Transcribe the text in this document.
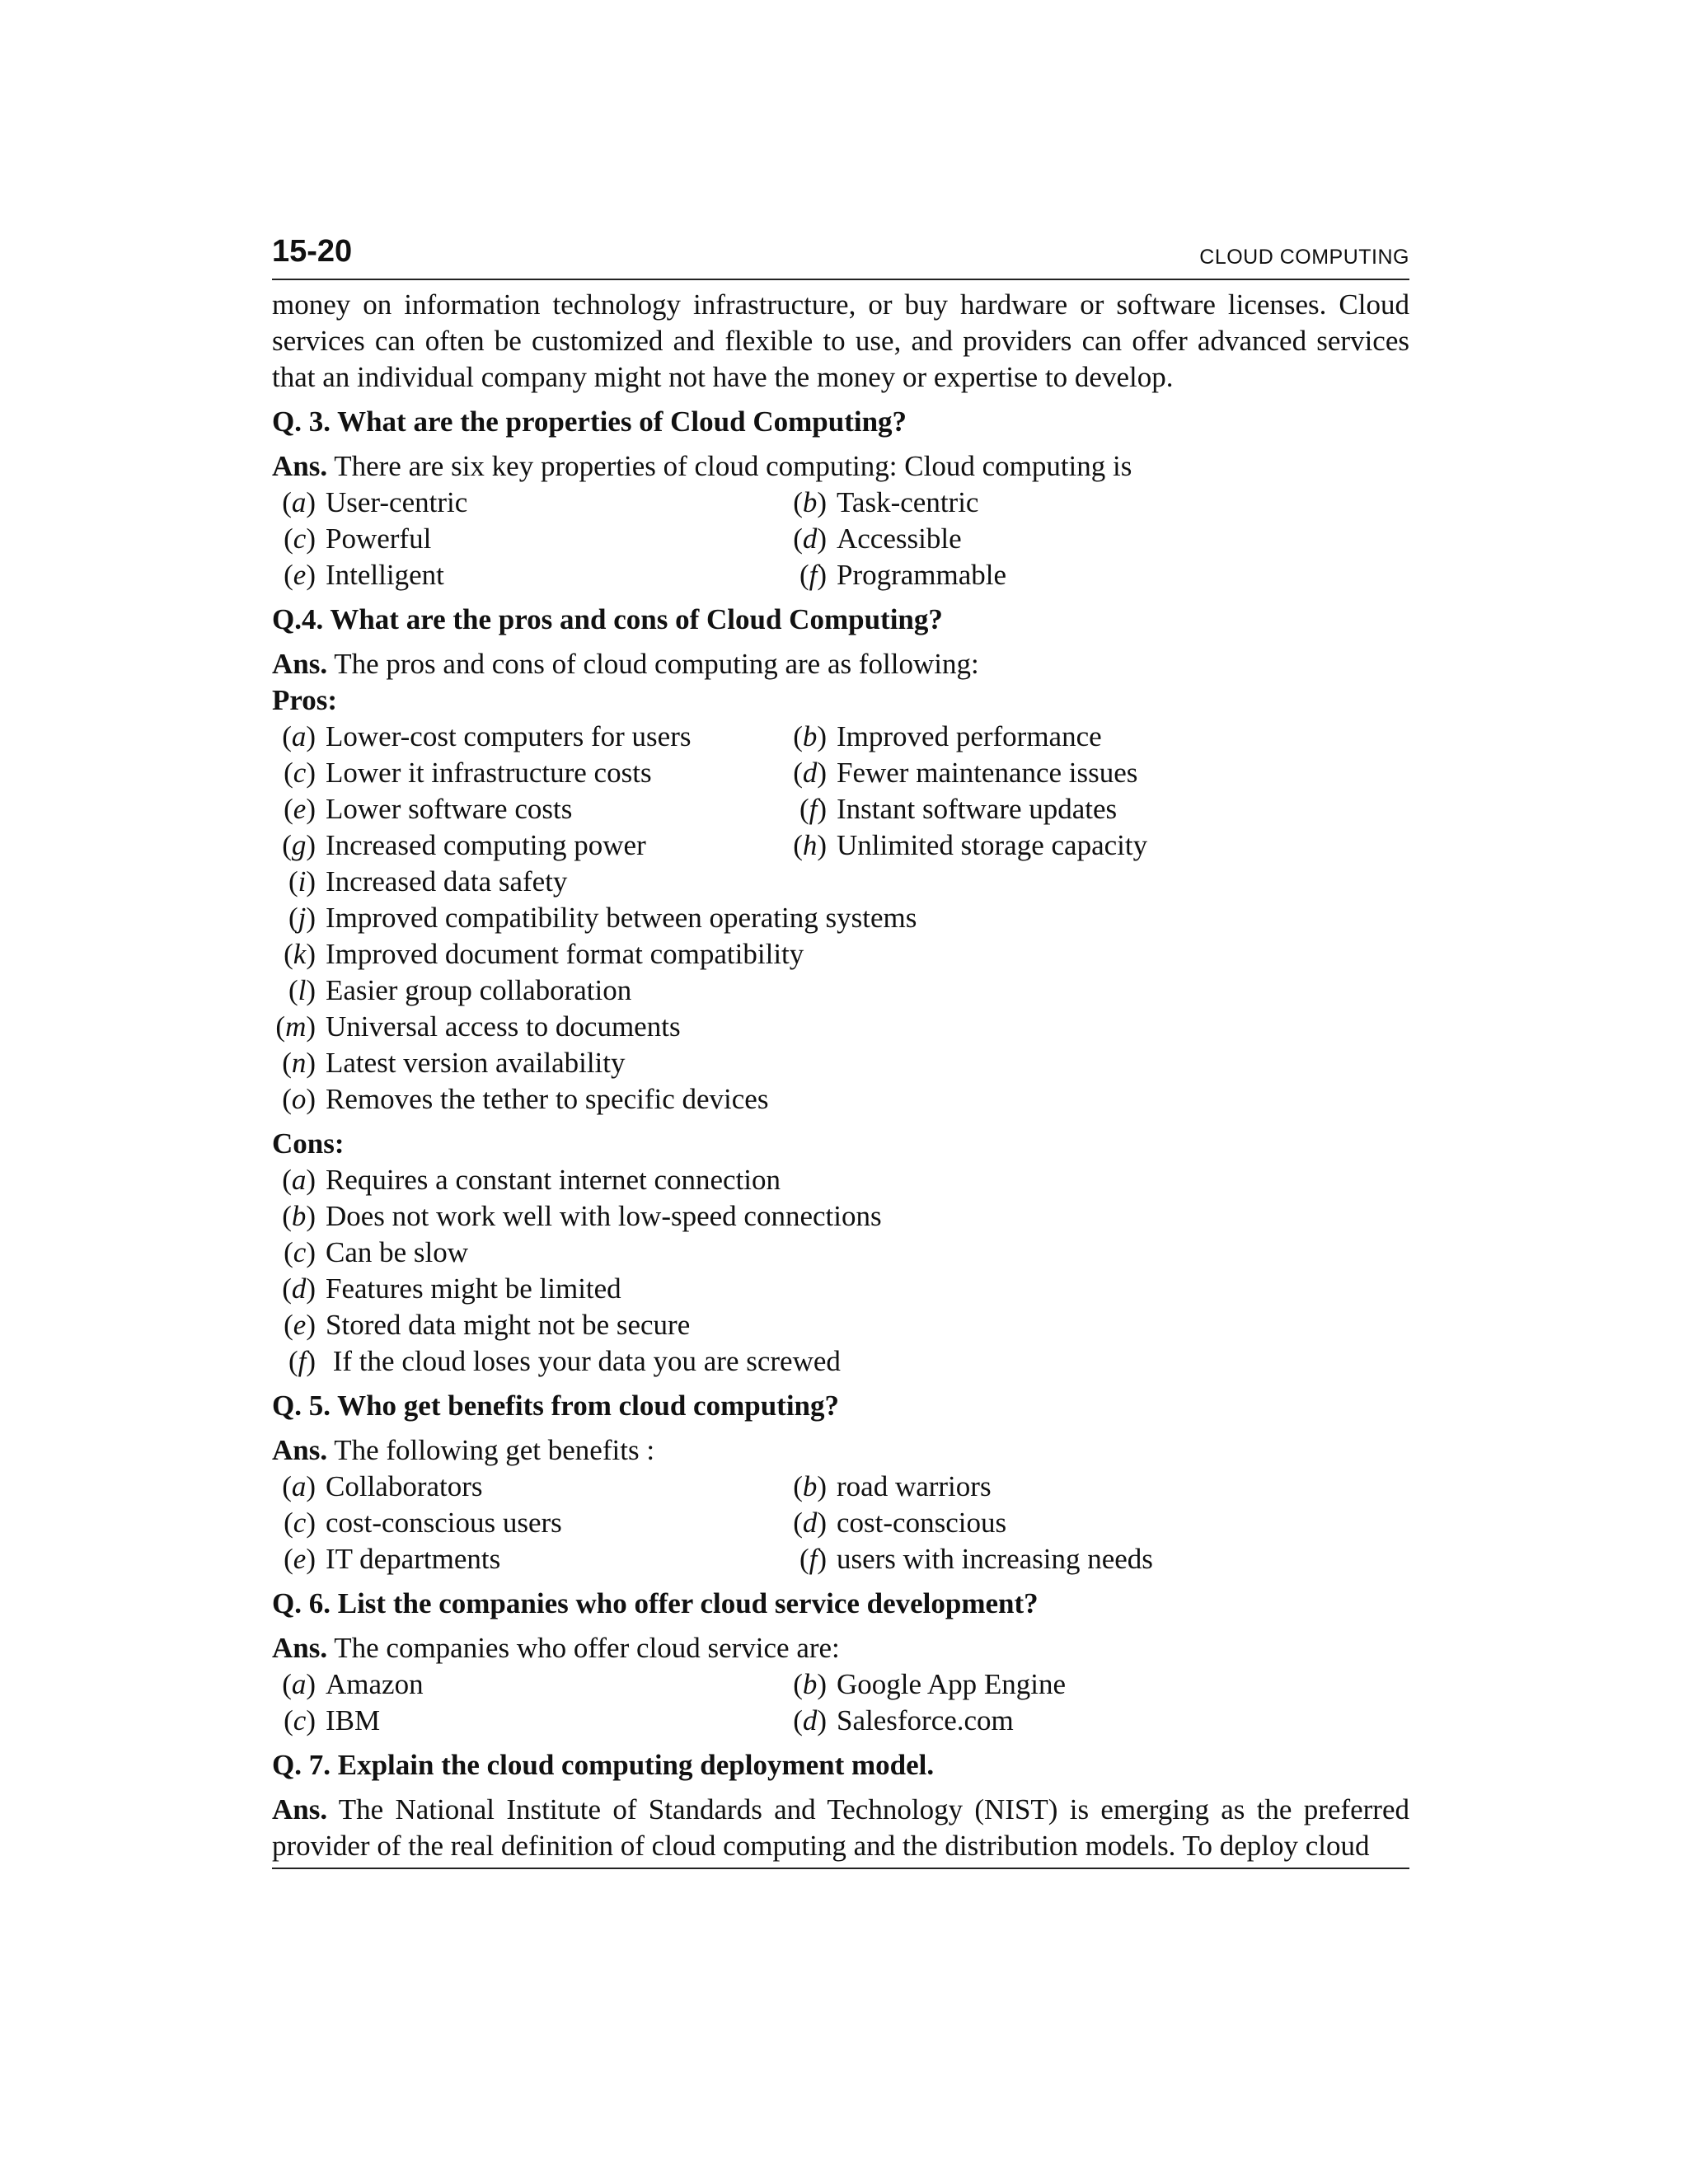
15-20	CLOUD COMPUTING

money on information technology infrastructure, or buy hardware or software licenses. Cloud services can often be customized and flexible to use, and providers can offer advanced services that an individual company might not have the money or expertise to develop.

Q. 3. What are the properties of Cloud Computing?
Ans. There are six key properties of cloud computing: Cloud computing is
(a) User-centric	(b) Task-centric
(c) Powerful	(d) Accessible
(e) Intelligent	(f) Programmable
Q.4. What are the pros and cons of Cloud Computing?
Ans. The pros and cons of cloud computing are as following:
Pros:
(a) Lower-cost computers for users	(b) Improved performance
(c) Lower it infrastructure costs	(d) Fewer maintenance issues
(e) Lower software costs	(f) Instant software updates
(g) Increased computing power	(h) Unlimited storage capacity
(i) Increased data safety
(j) Improved compatibility between operating systems
(k) Improved document format compatibility
(l) Easier group collaboration
(m) Universal access to documents
(n) Latest version availability
(o) Removes the tether to specific devices
Cons:
(a) Requires a constant internet connection
(b) Does not work well with low-speed connections
(c) Can be slow
(d) Features might be limited
(e) Stored data might not be secure
(f) If the cloud loses your data you are screwed
Q. 5. Who get benefits from cloud computing?
Ans. The following get benefits :
(a) Collaborators	(b) road warriors
(c) cost-conscious users	(d) cost-conscious
(e) IT departments	(f) users with increasing needs
Q. 6. List the companies who offer cloud service development?
Ans. The companies who offer cloud service are:
(a) Amazon	(b) Google App Engine
(c) IBM	(d) Salesforce.com
Q. 7. Explain the cloud computing deployment model.

Ans. The National Institute of Standards and Technology (NIST) is emerging as the preferred provider of the real definition of cloud computing and the distribution models. To deploy cloud
